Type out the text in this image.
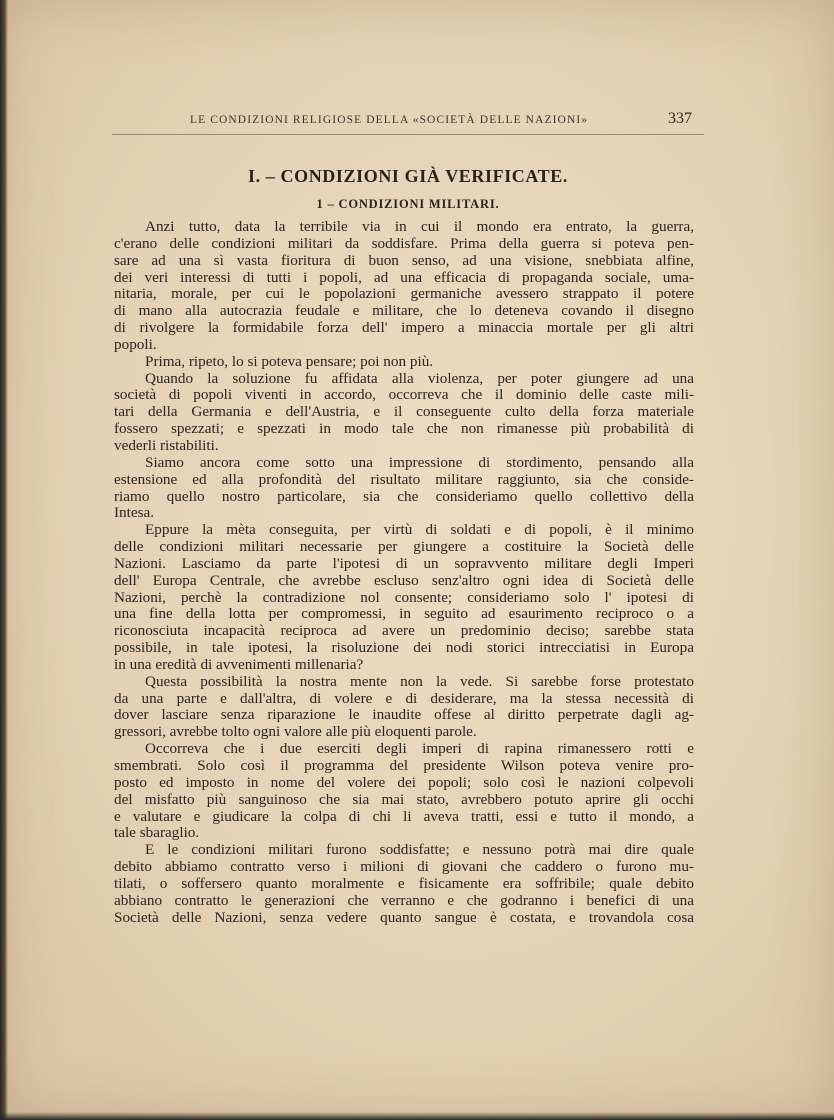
LE CONDIZIONI RELIGIOSE DELLA «SOCIETÀ DELLE NAZIONI»	337
I. – CONDIZIONI GIÀ VERIFICATE.
1 – CONDIZIONI MILITARI.
Anzi tutto, data la terribile via in cui il mondo era entrato, la guerra,
c'erano delle condizioni militari da soddisfare. Prima della guerra si poteva pen-
sare ad una sì vasta fioritura di buon senso, ad una visione, snebbiata alfine,
dei veri interessi di tutti i popoli, ad una efficacia di propaganda sociale, uma-
nitaria, morale, per cui le popolazioni germaniche avessero strappato il potere
di mano alla autocrazia feudale e militare, che lo deteneva covando il disegno
di rivolgere la formidabile forza dell' impero a minaccia mortale per gli altri
popoli.
Prima, ripeto, lo si poteva pensare; poi non più.
Quando la soluzione fu affidata alla violenza, per poter giungere ad una
società di popoli viventi in accordo, occorreva che il dominio delle caste mili-
tari della Germania e dell'Austria, e il conseguente culto della forza materiale
fossero spezzati; e spezzati in modo tale che non rimanesse più probabilità di
vederli ristabiliti.
Siamo ancora come sotto una impressione di stordimento, pensando alla
estensione ed alla profondità del risultato militare raggiunto, sia che conside-
riamo quello nostro particolare, sia che consideriamo quello collettivo della
Intesa.
Eppure la mèta conseguita, per virtù di soldati e di popoli, è il minimo
delle condizioni militari necessarie per giungere a costituire la Società delle
Nazioni. Lasciamo da parte l'ipotesi di un sopravvento militare degli Imperi
dell' Europa Centrale, che avrebbe escluso senz'altro ogni idea di Società delle
Nazioni, perchè la contradizione nol consente; consideriamo solo l' ipotesi di
una fine della lotta per compromessi, in seguito ad esaurimento reciproco o a
riconosciuta incapacità reciproca ad avere un predominio deciso; sarebbe stata
possibile, in tale ipotesi, la risoluzione dei nodi storici intrecciatisi in Europa
in una eredità di avvenimenti millenaria?
Questa possibilità la nostra mente non la vede. Si sarebbe forse protestato
da una parte e dall'altra, di volere e di desiderare, ma la stessa necessità di
dover lasciare senza riparazione le inaudite offese al diritto perpetrate dagli ag-
gressori, avrebbe tolto ogni valore alle più eloquenti parole.
Occorreva che i due eserciti degli imperi di rapina rimanessero rotti e
smembrati. Solo così il programma del presidente Wilson poteva venire pro-
posto ed imposto in nome del volere dei popoli; solo così le nazioni colpevoli
del misfatto più sanguinoso che sia mai stato, avrebbero potuto aprire gli occhi
e valutare e giudicare la colpa di chi li aveva tratti, essi e tutto il mondo, a
tale sbaraglio.
E le condizioni militari furono soddisfatte; e nessuno potrà mai dire quale
debito abbiamo contratto verso i milioni di giovani che caddero o furono mu-
tilati, o soffersero quanto moralmente e fisicamente era soffribile; quale debito
abbiano contratto le generazioni che verranno e che godranno i benefici di una
Società delle Nazioni, senza vedere quanto sangue è costata, e trovandola cosa
